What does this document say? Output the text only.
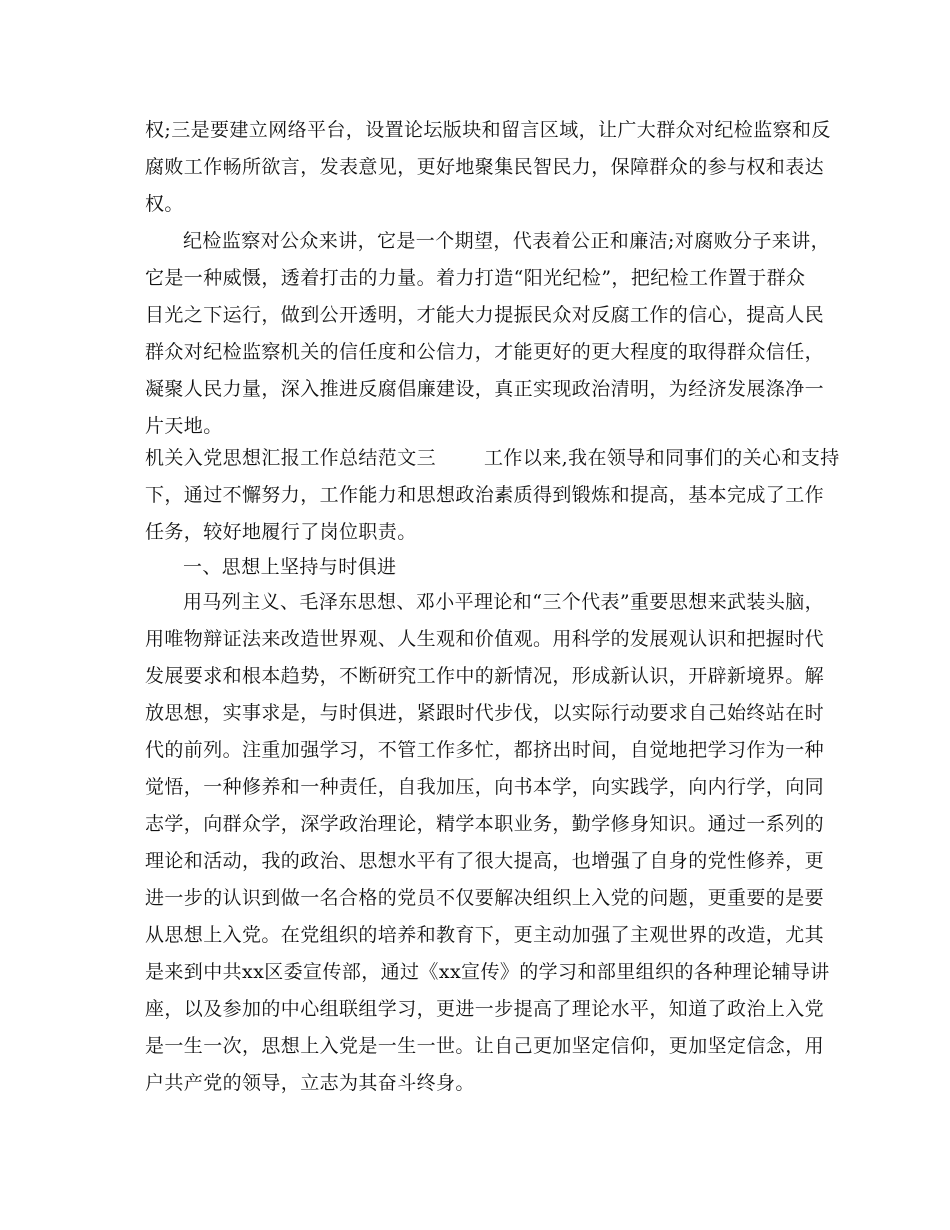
权;三是要建立网络平台，设置论坛版块和留言区域，让广大群众对纪检监察和反
腐败工作畅所欲言，发表意见，更好地聚集民智民力，保障群众的参与权和表达
权。
纪检监察对公众来讲，它是一个期望，代表着公正和廉洁;对腐败分子来讲，
它是一种威慑，透着打击的力量。着力打造“阳光纪检”，把纪检工作置于群众
目光之下运行，做到公开透明，才能大力提振民众对反腐工作的信心，提高人民
群众对纪检监察机关的信任度和公信力，才能更好的更大程度的取得群众信任，
凝聚人民力量，深入推进反腐倡廉建设，真正实现政治清明，为经济发展涤净一
片天地。
机关入党思想汇报工作总结范文三	工作以来,我在领导和同事们的关心和支持
下，通过不懈努力，工作能力和思想政治素质得到锻炼和提高，基本完成了工作
任务，较好地履行了岗位职责。
一、思想上坚持与时俱进
用马列主义、毛泽东思想、邓小平理论和“三个代表”重要思想来武装头脑，
用唯物辩证法来改造世界观、人生观和价值观。用科学的发展观认识和把握时代
发展要求和根本趋势，不断研究工作中的新情况，形成新认识，开辟新境界。解
放思想，实事求是，与时俱进，紧跟时代步伐，以实际行动要求自己始终站在时
代的前列。注重加强学习，不管工作多忙，都挤出时间，自觉地把学习作为一种
觉悟，一种修养和一种责任，自我加压，向书本学，向实践学，向内行学，向同
志学，向群众学，深学政治理论，精学本职业务，勤学修身知识。通过一系列的
理论和活动，我的政治、思想水平有了很大提高，也增强了自身的党性修养，更
进一步的认识到做一名合格的党员不仅要解决组织上入党的问题，更重要的是要
从思想上入党。在党组织的培养和教育下，更主动加强了主观世界的改造，尤其
是来到中共xx区委宣传部，通过《xx宣传》的学习和部里组织的各种理论辅导讲
座，以及参加的中心组联组学习，更进一步提高了理论水平，知道了政治上入党
是一生一次，思想上入党是一生一世。让自己更加坚定信仰，更加坚定信念，用
户共产党的领导，立志为其奋斗终身。
